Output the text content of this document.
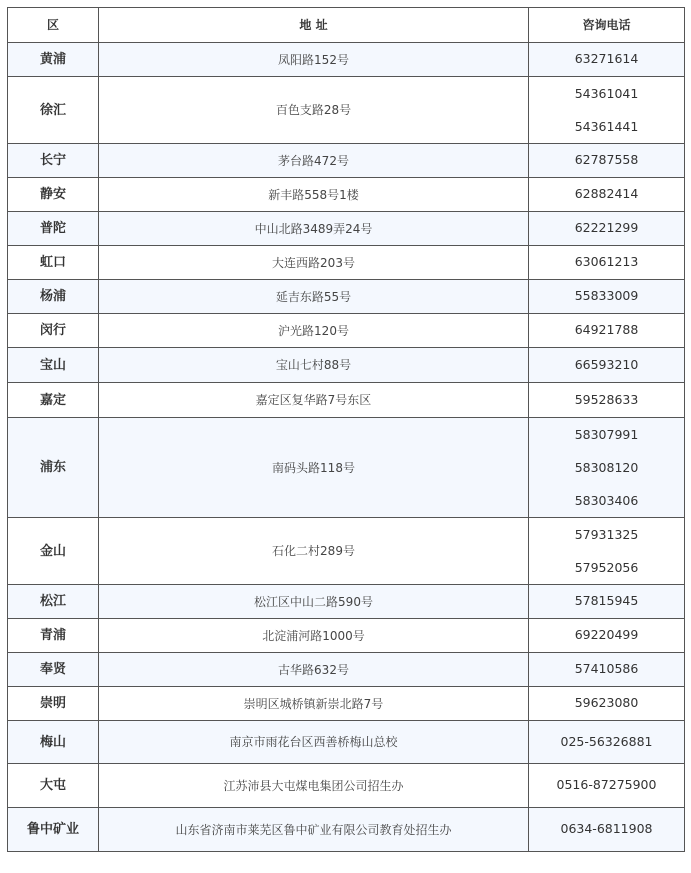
区	地 址	咨询电话
黄浦	凤阳路152号	63271614
徐汇	百色支路28号	54361041
54361441

长宁	茅台路472号	62787558
静安	新丰路558号1楼	62882414
普陀	中山北路3489弄24号	62221299
虹口	大连西路203号	63061213
杨浦	延吉东路55号	55833009
闵行	沪光路120号	64921788
宝山	宝山七村88号	66593210
嘉定	嘉定区复华路7号东区	59528633
浦东	南码头路118号	58307991
58308120
58303406

金山	石化二村289号	57931325
57952056

松江	松江区中山二路590号	57815945
青浦	北淀浦河路1000号	69220499
奉贤	古华路632号	57410586
崇明	崇明区城桥镇新崇北路7号	59623080
梅山	南京市雨花台区西善桥梅山总校	025-56326881
大屯	江苏沛县大屯煤电集团公司招生办	0516-87275900
鲁中矿业	山东省济南市莱芜区鲁中矿业有限公司教育处招生办	0634-6811908
